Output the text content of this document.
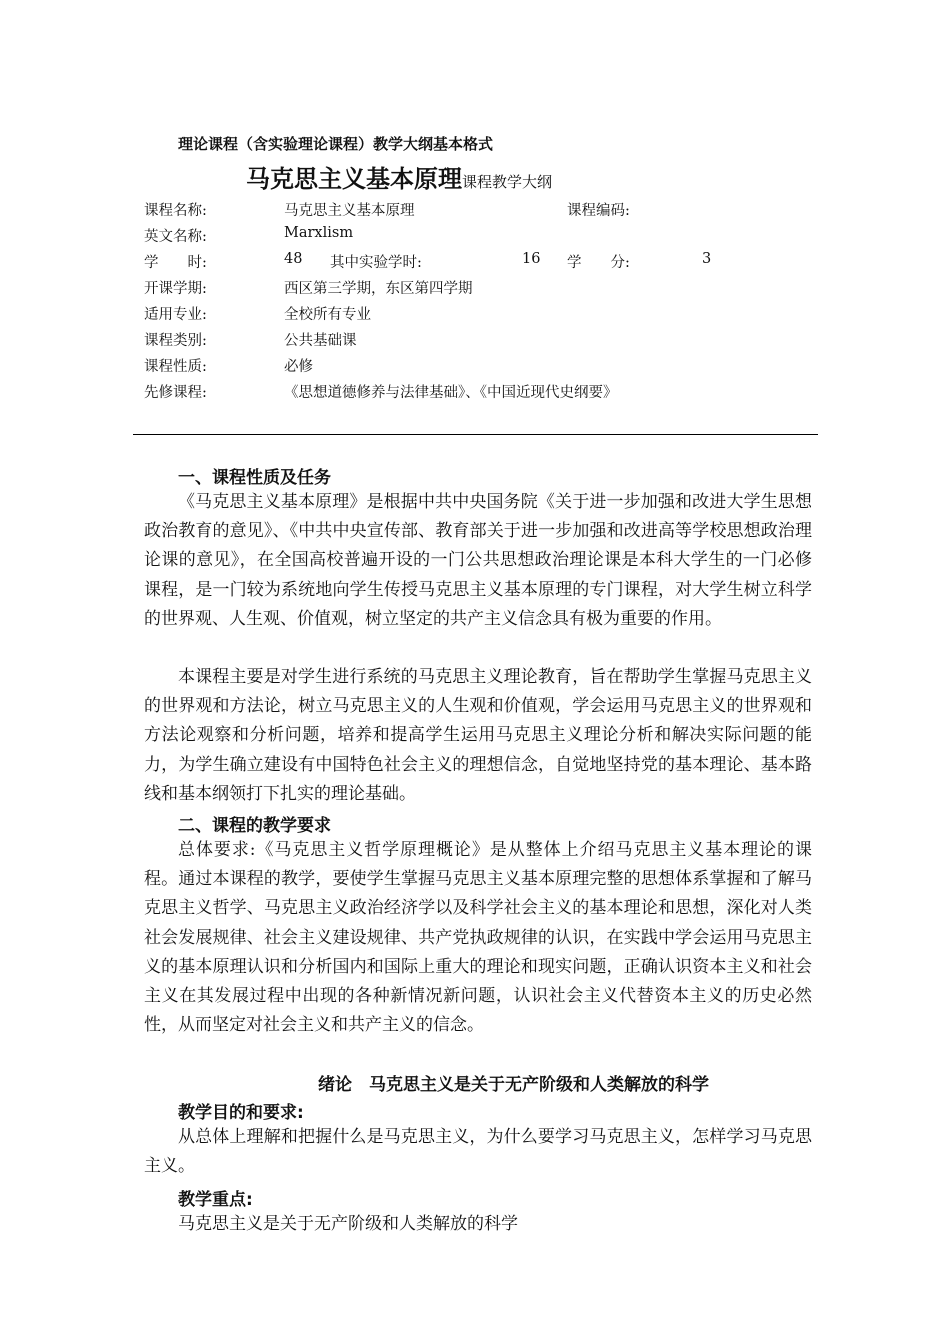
理论课程（含实验理论课程）教学大纲基本格式
马克思主义基本原理课程教学大纲
课程名称:	马克思主义基本原理	课程编码:
英文名称:	Marxlism
学　　时:	48 其中实验学时:	16 学　　分:	3
开课学期:	西区第三学期，东区第四学期
适用专业:	全校所有专业
课程类别:	公共基础课
课程性质:	必修
先修课程:	《思想道德修养与法律基础》、《中国近现代史纲要》
一、课程性质及任务

《马克思主义基本原理》是根据中共中央国务院《关于进一步加强和改进大学生思想政治教育的意见》、《中共中央宣传部、教育部关于进一步加强和改进高等学校思想政治理论课的意见》，在全国高校普遍开设的一门公共思想政治理论课是本科大学生的一门必修课程，是一门较为系统地向学生传授马克思主义基本原理的专门课程，对大学生树立科学的世界观、人生观、价值观，树立坚定的共产主义信念具有极为重要的作用。

本课程主要是对学生进行系统的马克思主义理论教育，旨在帮助学生掌握马克思主义的世界观和方法论，树立马克思主义的人生观和价值观，学会运用马克思主义的世界观和方法论观察和分析问题，培养和提高学生运用马克思主义理论分析和解决实际问题的能力，为学生确立建设有中国特色社会主义的理想信念，自觉地坚持党的基本理论、基本路线和基本纲领打下扎实的理论基础。

二、课程的教学要求

总体要求:《马克思主义哲学原理概论》是从整体上介绍马克思主义基本理论的课程。通过本课程的教学，要使学生掌握马克思主义基本原理完整的思想体系掌握和了解马克思主义哲学、马克思主义政治经济学以及科学社会主义的基本理论和思想，深化对人类社会发展规律、社会主义建设规律、共产党执政规律的认识，在实践中学会运用马克思主义的基本原理认识和分析国内和国际上重大的理论和现实问题，正确认识资本主义和社会主义在其发展过程中出现的各种新情况新问题，认识社会主义代替资本主义的历史必然性，从而坚定对社会主义和共产主义的信念。

绪论　马克思主义是关于无产阶级和人类解放的科学
教学目的和要求:

从总体上理解和把握什么是马克思主义，为什么要学习马克思主义，怎样学习马克思主义。

教学重点:

马克思主义是关于无产阶级和人类解放的科学
